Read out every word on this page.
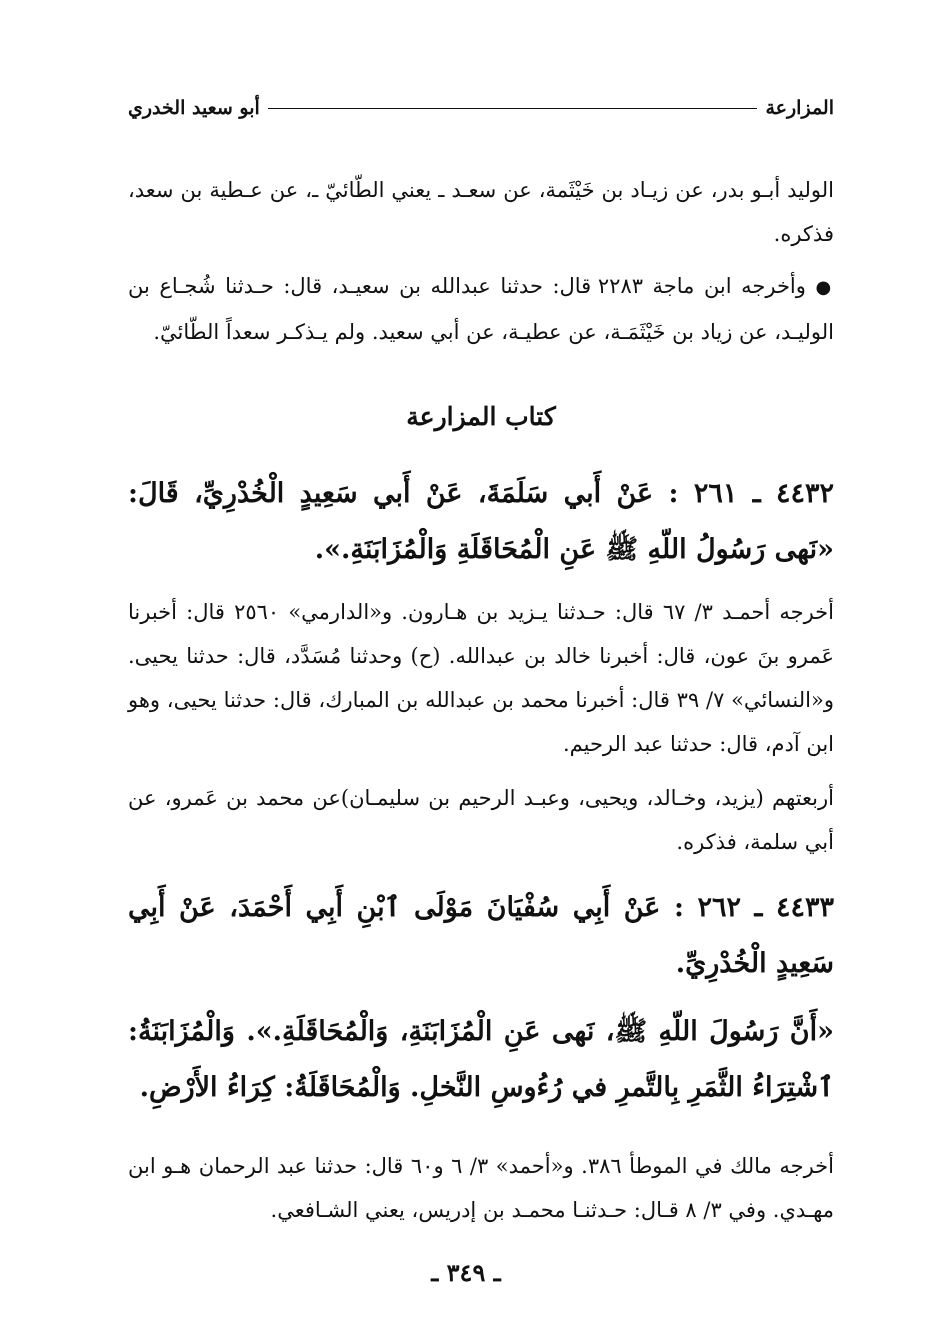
المزارعة
أبو سعيد الخدري
الوليد أبـو بدر، عن زيـاد بن خَيْثَمة، عن سعـد ـ يعني الطّائيّ ـ، عن عـطية بن سعد، فذكره.
● وأخرجه ابن ماجة ٢٢٨٣ قال: حدثنا عبدالله بن سعيـد، قال: حـدثنا شُجـاع بن الوليـد، عن زياد بن خَيْثَمَـة، عن عطيـة، عن أبي سعيد. ولم يـذكـر سعداً الطّائيّ.
كتاب المزارعة
٤٤٣٢ ـ ٢٦١ : عَنْ أَبي سَلَمَةَ، عَنْ أَبي سَعِيدٍ الْخُدْرِيِّ، قَالَ: «نَهى رَسُولُ اللّهِ ﷺ عَنِ الْمُحَاقَلَةِ وَالْمُزَابَنَةِ.».
أخرجه أحمـد ٣/ ٦٧ قال: حـدثنا يـزيد بن هـارون. و«الدارمي» ٢٥٦٠ قال: أخبرنا عَمرو بنَ عون، قال: أخبرنا خالد بن عبدالله. (ح) وحدثنا مُسَدَّد، قال: حدثنا يحيى. و«النسائي» ٧/ ٣٩ قال: أخبرنا محمد بن عبدالله بن المبارك، قال: حدثنا يحيى، وهو ابن آدم، قال: حدثنا عبد الرحيم.
أربعتهم (يزيد، وخـالد، ويحيى، وعبـد الرحيم بن سليمـان)عن محمد بن عَمرو، عن أبي سلمة، فذكره.
٤٤٣٣ ـ ٢٦٢ : عَنْ أَبِي سُفْيَانَ مَوْلَى ٱبْنِ أَبِي أَحْمَدَ، عَنْ أَبِي سَعِيدٍ الْخُدْرِيِّ.
«أَنَّ رَسُولَ اللّهِ ﷺ، نَهى عَنِ الْمُزَابَنَةِ، وَالْمُحَاقَلَةِ.». وَالْمُزَابَنَةُ: ٱشْتِرَاءُ الثَّمَرِ بِالتَّمرِ في رُءُوسِ النَّخلِ. وَالْمُحَاقَلَةُ: كِرَاءُ الأَرْضِ.
أخرجه مالك في الموطأ ٣٨٦. و«أحمد» ٣/ ٦ و٦٠ قال: حدثنا عبد الرحمان هـو ابن مهـدي. وفي ٣/ ٨ قـال: حـدثنـا محمـد بن إدريس، يعني الشـافعي.
ـ ٣٤٩ ـ
